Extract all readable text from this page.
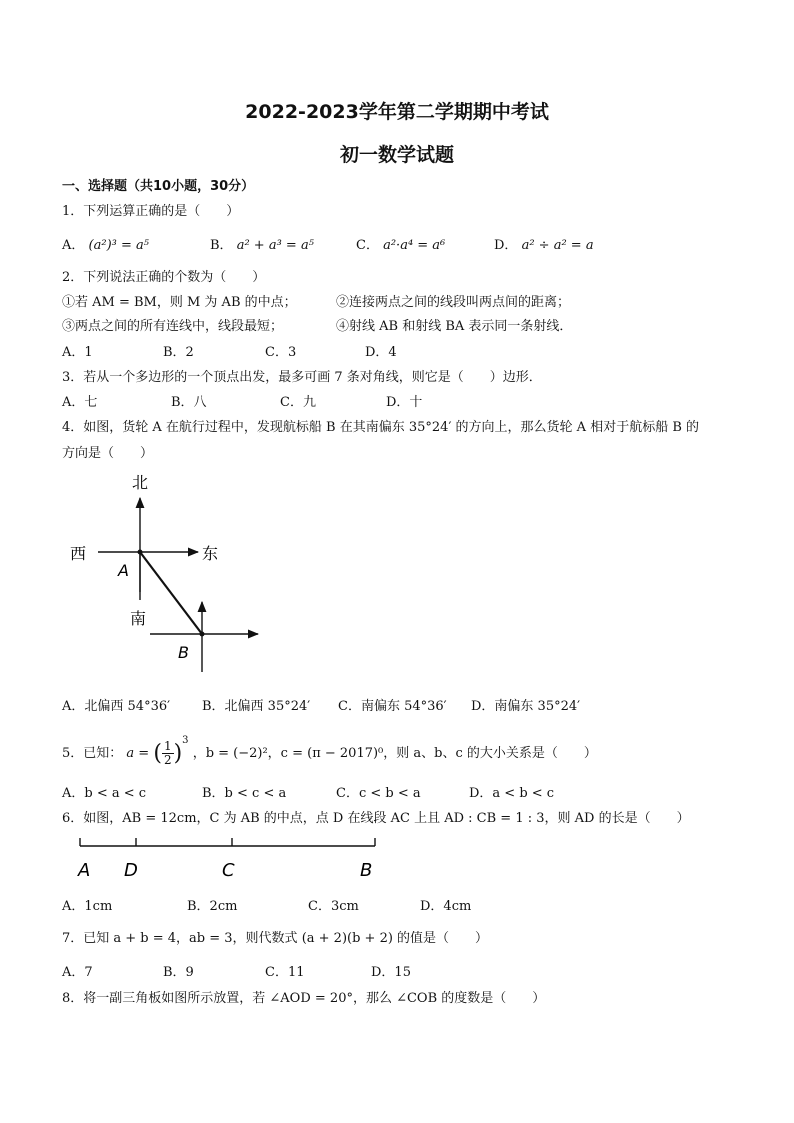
2022-2023学年第二学期期中考试
初一数学试题
一、选择题（共10小题，30分）
1．下列运算正确的是（　　）
A． (a²)³ = a⁵	B． a² + a³ = a⁵	C． a²·a⁴ = a⁶	D． a² ÷ a² = a
2．下列说法正确的个数为（　　）
①若 AM = BM，则 M 为 AB 的中点；	②连接两点之间的线段叫两点间的距离；
③两点之间的所有连线中，线段最短；	④射线 AB 和射线 BA 表示同一条射线．
A．1	B．2	C．3	D．4
3．若从一个多边形的一个顶点出发，最多可画 7 条对角线，则它是（　　）边形．
A．七	B．八	C．九	D．十
4．如图，货轮 A 在航行过程中，发现航标船 B 在其南偏东 35°24′ 的方向上，那么货轮 A 相对于航标船 B 的
方向是（　　）
北
西	东
南
A
B
A．北偏西 54°36′ B．北偏西 35°24′ C．南偏东 54°36′ D．南偏东 35°24′
5．已知： a = ( $\frac{1}{2} )^3$ ，b = (−2)²，c = (π − 2017)⁰，则 a、b、c 的大小关系是（　　）
A．b < a < c	B．b < c < a	C．c < b < a	D．a < b < c
6．如图，AB = 12cm，C 为 AB 的中点，点 D 在线段 AC 上且 AD : CB = 1 : 3，则 AD 的长是（　　）
A D	C	B
A．1cm	B．2cm	C．3cm	D．4cm
7．已知 a + b = 4，ab = 3，则代数式 (a + 2)(b + 2) 的值是（　　）
A．7	B．9	C．11	D．15
8．将一副三角板如图所示放置，若 ∠AOD = 20°，那么 ∠COB 的度数是（　　）
